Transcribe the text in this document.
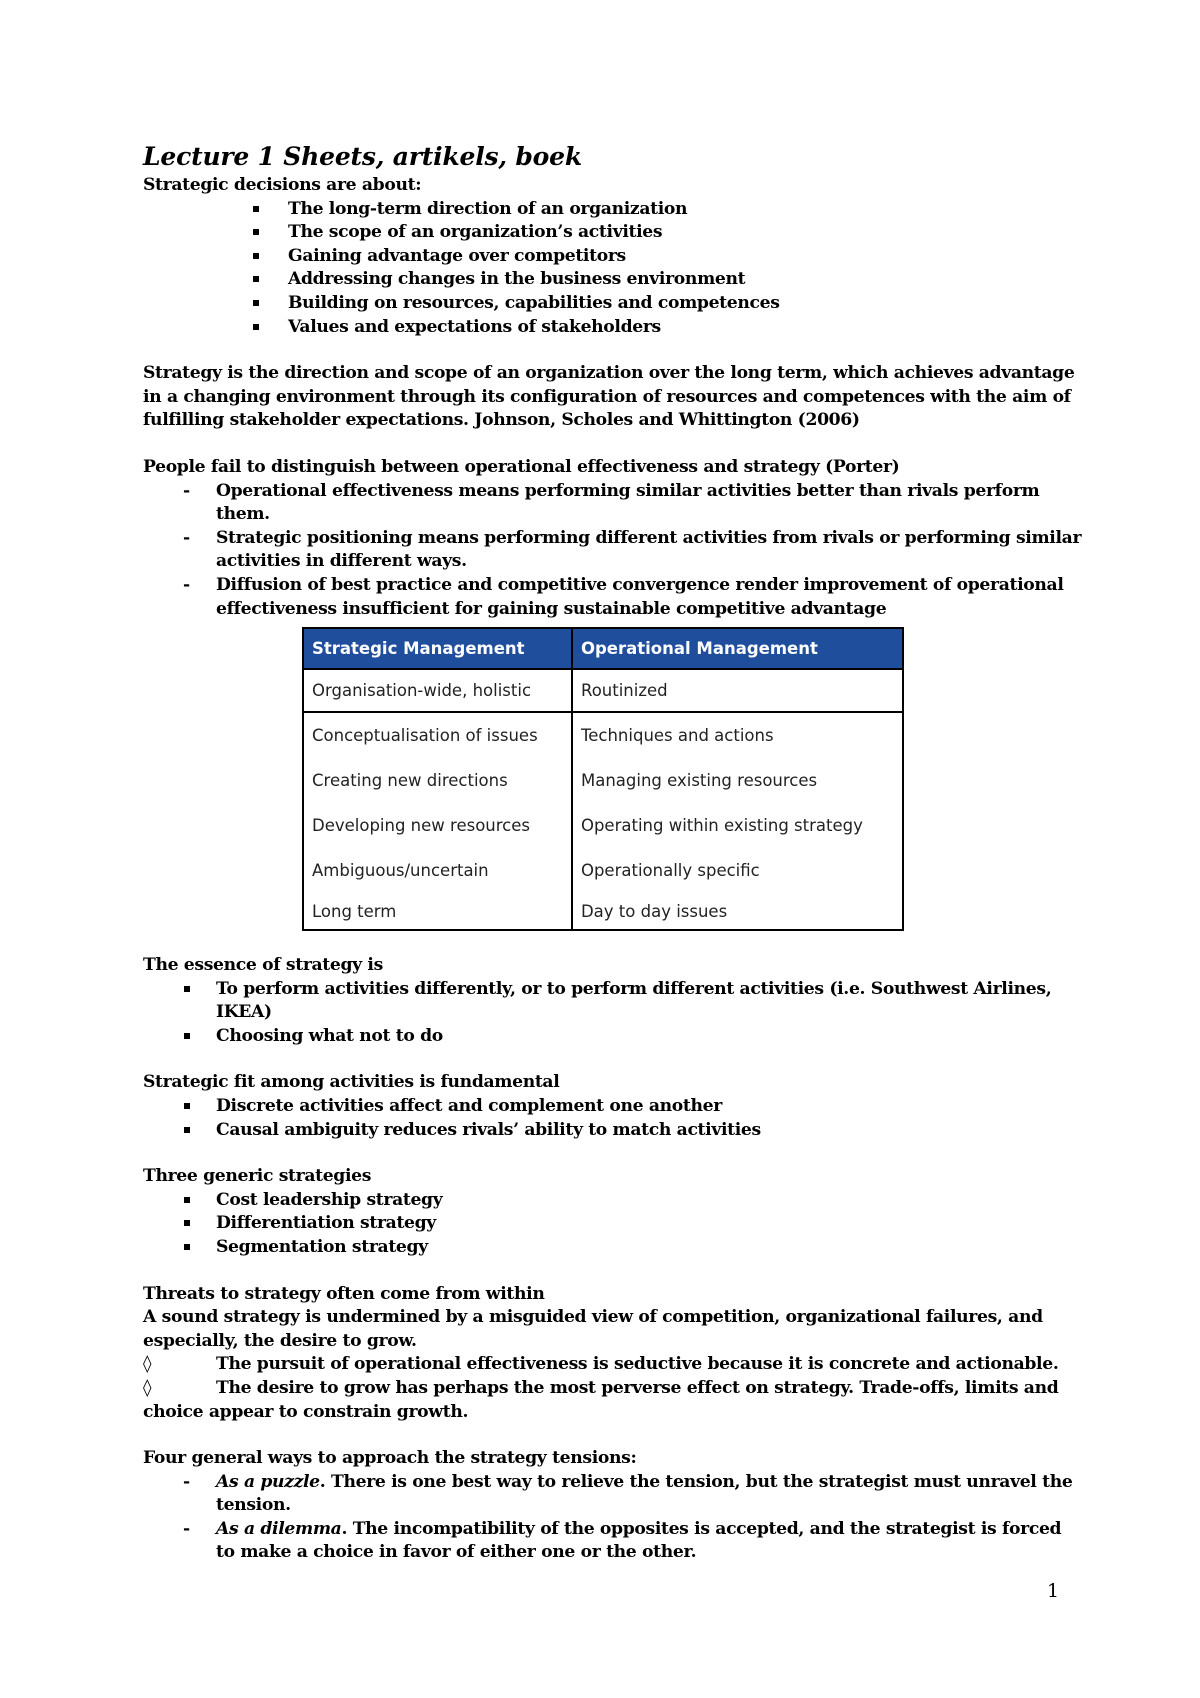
Lecture 1 Sheets, artikels, boek

Strategic decisions are about:

The long-term direction of an organization
The scope of an organization’s activities
Gaining advantage over competitors
Addressing changes in the business environment
Building on resources, capabilities and competences
Values and expectations of stakeholders

Strategy is the direction and scope of an organization over the long term, which achieves advantage in a changing environment through its configuration of resources and competences with the aim of fulfilling stakeholder expectations. Johnson, Scholes and Whittington (2006)

People fail to distinguish between operational effectiveness and strategy (Porter)

- Operational effectiveness means performing similar activities better than rivals perform them.
- Strategic positioning means performing different activities from rivals or performing similar activities in different ways.
- Diffusion of best practice and competitive convergence render improvement of operational effectiveness insufficient for gaining sustainable competitive advantage
Strategic Management	Operational Management
Organisation-wide, holistic	Routinized
Conceptualisation of issues	Techniques and actions
Creating new directions	Managing existing resources
Developing new resources	Operating within existing strategy
Ambiguous/uncertain	Operationally specific
Long term	Day to day issues

The essence of strategy is

To perform activities differently, or to perform different activities (i.e. Southwest Airlines, IKEA)
Choosing what not to do

Strategic fit among activities is fundamental

Discrete activities affect and complement one another
Causal ambiguity reduces rivals’ ability to match activities

Three generic strategies

Cost leadership strategy
Differentiation strategy
Segmentation strategy

Threats to strategy often come from within

A sound strategy is undermined by a misguided view of competition, organizational failures, and especially, the desire to grow.

◊	The pursuit of operational effectiveness is seductive because it is concrete and actionable.
◊	The desire to grow has perhaps the most perverse effect on strategy. Trade-offs, limits and choice appear to constrain growth.

Four general ways to approach the strategy tensions:

- As a puzzle. There is one best way to relieve the tension, but the strategist must unravel the tension.
- As a dilemma. The incompatibility of the opposites is accepted, and the strategist is forced to make a choice in favor of either one or the other.
1
